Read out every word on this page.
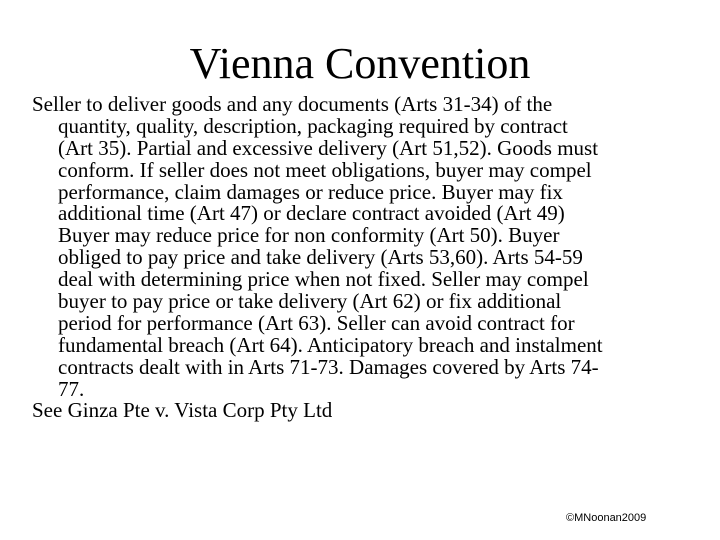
Vienna Convention
Seller to deliver goods and any documents (Arts 31-34) of the
quantity, quality, description, packaging required by contract
(Art 35). Partial and excessive delivery (Art 51,52). Goods must
conform. If seller does not meet obligations, buyer may compel
performance, claim damages or reduce price. Buyer may fix
additional time (Art 47) or declare contract avoided (Art 49)
Buyer may reduce price for non conformity (Art 50). Buyer
obliged to pay price and take delivery (Arts 53,60). Arts 54-59
deal with determining price when not fixed. Seller may compel
buyer to pay price or take delivery (Art 62) or fix additional
period for performance (Art 63). Seller can avoid contract for
fundamental breach (Art 64). Anticipatory breach and instalment
contracts dealt with in Arts 71-73. Damages covered by Arts 74-
77.
See Ginza Pte v. Vista Corp Pty Ltd
©MNoonan2009
